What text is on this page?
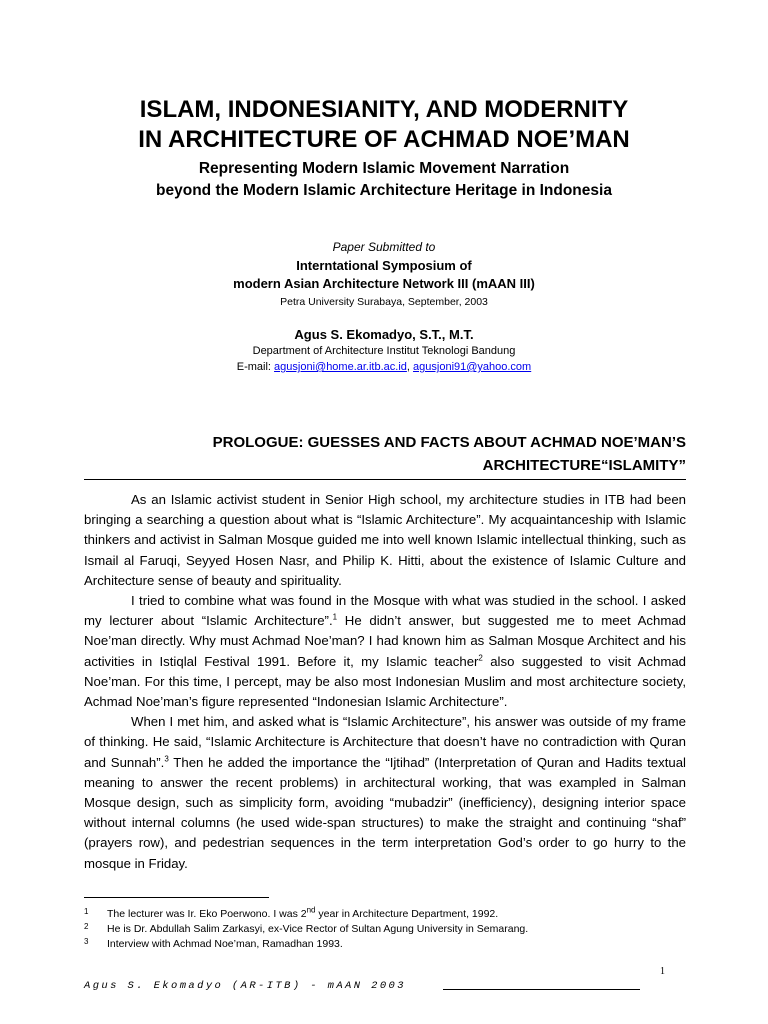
ISLAM, INDONESIANITY, AND MODERNITY
IN ARCHITECTURE OF ACHMAD NOE’MAN
Representing Modern Islamic Movement Narration
beyond the Modern Islamic Architecture Heritage in Indonesia
Paper Submitted to
Interntational Symposium of
modern Asian Architecture Network III (mAAN III)
Petra University Surabaya, September, 2003
Agus S. Ekomadyo, S.T., M.T.
Department of Architecture Institut Teknologi Bandung
E-mail: agusjoni@home.ar.itb.ac.id, agusjoni91@yahoo.com
PROLOGUE: GUESSES AND FACTS ABOUT ACHMAD NOE’MAN’S
ARCHITECTURE“ISLAMITY”

As an Islamic activist student in Senior High school, my architecture studies in ITB had been bringing a searching a question about what is “Islamic Architecture”. My acquaintanceship with Islamic thinkers and activist in Salman Mosque guided me into well known Islamic intellectual thinking, such as Ismail al Faruqi, Seyyed Hosen Nasr, and Philip K. Hitti, about the existence of Islamic Culture and Architecture sense of beauty and spirituality.

I tried to combine what was found in the Mosque with what was studied in the school. I asked my lecturer about “Islamic Architecture”.$^1$ He didn’t answer, but suggested me to meet Achmad Noe’man directly. Why must Achmad Noe’man? I had known him as Salman Mosque Architect and his activities in Istiqlal Festival 1991. Before it, my Islamic teacher$^2$ also suggested to visit Achmad Noe’man. For this time, I percept, may be also most Indonesian Muslim and most architecture society, Achmad Noe’man’s figure represented “Indonesian Islamic Architecture”.

When I met him, and asked what is “Islamic Architecture”, his answer was outside of my frame of thinking. He said, “Islamic Architecture is Architecture that doesn’t have no contradiction with Quran and Sunnah”.$^3$ Then he added the importance the “Ijtihad” (Interpretation of Quran and Hadits textual meaning to answer the recent problems) in architectural working, that was exampled in Salman Mosque design, such as simplicity form, avoiding “mubadzir” (inefficiency), designing interior space without internal columns (he used wide-span structures) to make the straight and continuing “shaf” (prayers row), and pedestrian sequences in the term interpretation God’s order to go hurry to the mosque in Friday.

1 The lecturer was Ir. Eko Poerwono. I was 2nd year in Architecture Department, 1992.
2 He is Dr. Abdullah Salim Zarkasyi, ex-Vice Rector of Sultan Agung University in Semarang.
3 Interview with Achmad Noe’man, Ramadhan 1993.
1
Agus S. Ekomadyo (AR-ITB) - mAAN 2003
